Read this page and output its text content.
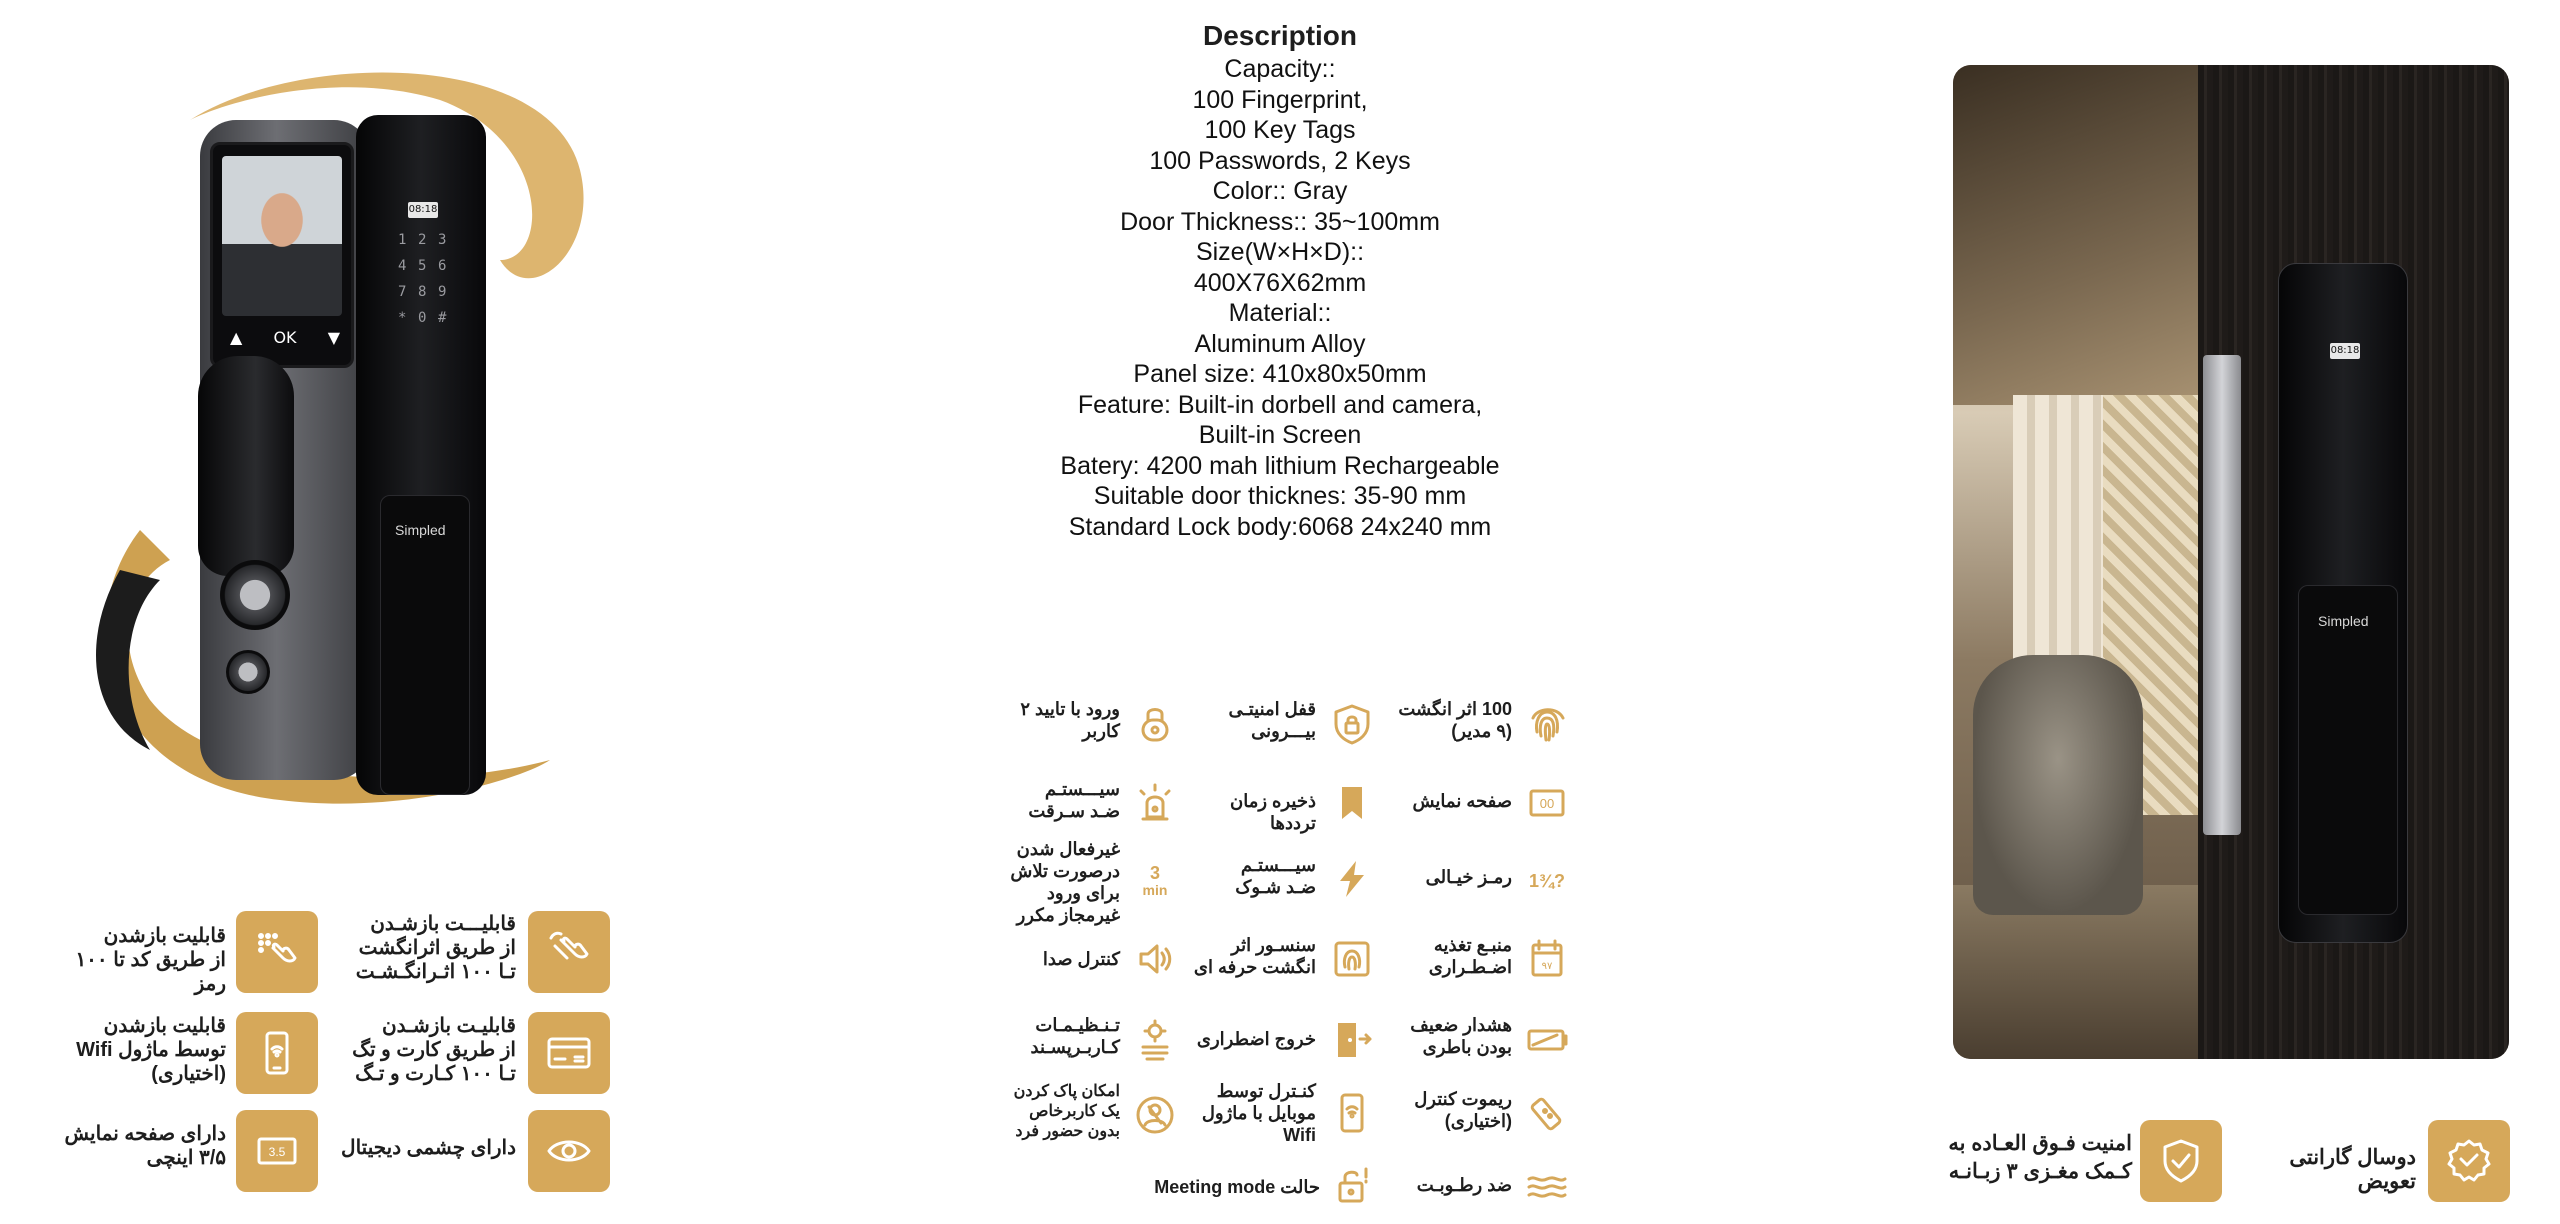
▲ OK ▼
08:18
1 2 3
4 5 6
7 8 9
* 0 #
Simpled
قابلیت بازشدن
از طریق کد تا ۱۰۰ رمز
قابلیـــت بازشـدن
از طریق اثرانگشت
تـا ۱۰۰ اثـرانگـشـت
قابلیت بازشدن
توسط ماژول Wifi
(اختیاری)
قابلیـت بازشـدن
از طریق کارت و تگ
تـا ۱۰۰ کـارت و تـگ
دارای صفحه نمایش
۳/۵ اینچی	3.5	دارای چشمی دیجیتال
Description
Capacity::
100 Fingerprint,
100 Key Tags
100 Passwords, 2 Keys
Color:: Gray
Door Thickness:: 35~100mm
Size(W×H×D)::
400X76X62mm
Material::
Aluminum Alloy
Panel size: 410x80x50mm
Feature: Built-in dorbell and camera,
Built-in Screen
Batery: 4200 mah lithium Rechargeable
Suitable door thicknes: 35-90 mm
Standard Lock body:6068 24x240 mm
ورود با تایید ۲
کاربر
قفل امنیتـی
بیـــرونی
100 اثر انگشت
(۹ مدیر)
سیـــستـم
ضـد سـرقت	ذخیره زمان ترددها
صفحه نمایش 00
غیرفعال شدن
درصورت تلاش
برای ورود
غیرمجاز مکرر
3
min
سیـــستـم
ضـد شـوک	رمـز خیـالی 1¾?
کنترل صدا
سنسـور اثر
انگشت حرفه ای
منبـع تغذیه
اضـطـراری	۹۷
تـنـظیـمـات
کـاربـرپسـند	خروج اضطراری
هشدار ضعیف
بودن باطری
امکان پاک کردن
یک کاربرخاص
بدون حضور فرد
کنـترل توسط
موبایل با ماژول
Wifi
ریموت کنترل
(اختیاری)
حالت Meeting mode	ضد رطـوبـت
08:18
Simpled
امنیت فـوق العـاده به
کـمک مغـزی ۳ زبـانـه
دوسال گارانتی تعویض
